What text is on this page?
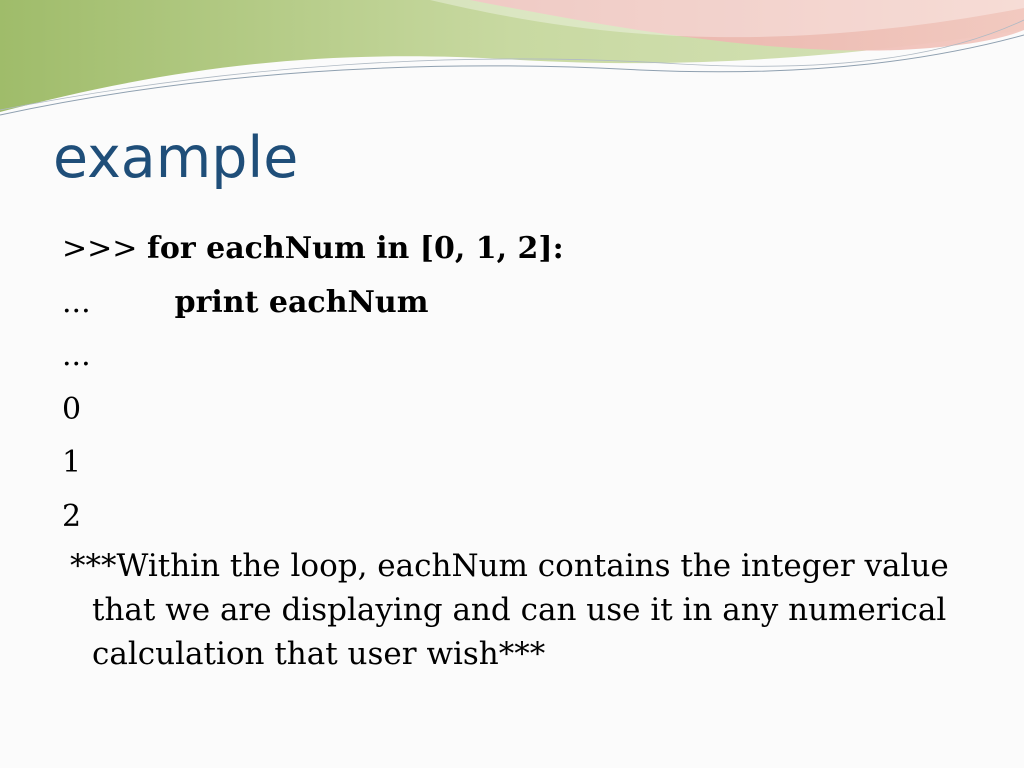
example
>>> for eachNum in [0, 1, 2]:
...	print eachNum
...
0
1
2

***Within the loop, eachNum contains the integer value that we are displaying and can use it in any numerical calculation that user wish***
